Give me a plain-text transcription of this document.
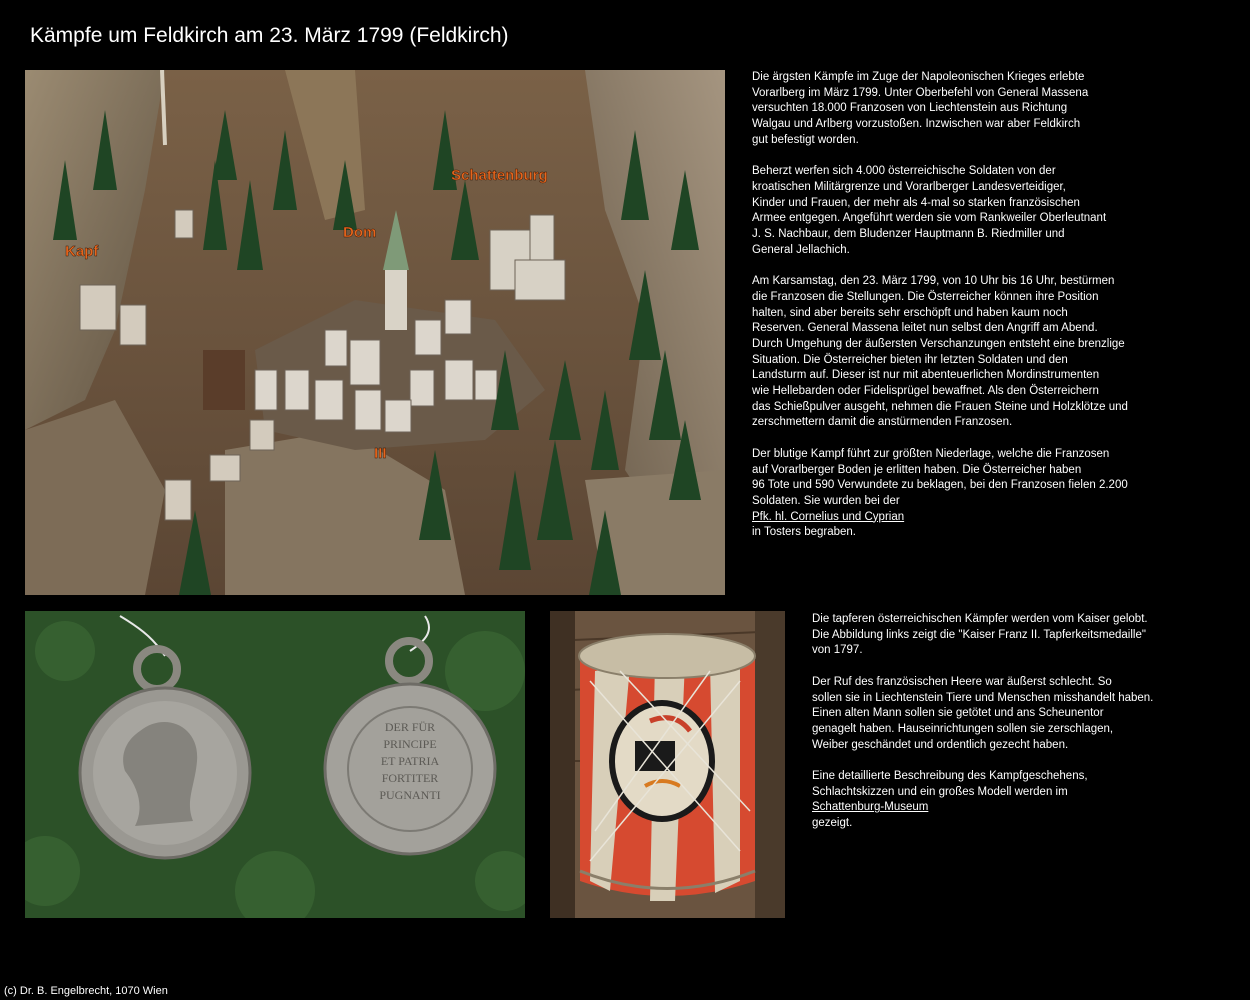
Kämpfe um Feldkirch am 23. März 1799 (Feldkirch)
Schattenburg
Dom
Kapf
III

Die ärgsten Kämpfe im Zuge der Napoleonischen Krieges erlebte
Vorarlberg im März 1799. Unter Oberbefehl von General Massena
versuchten 18.000 Franzosen von Liechtenstein aus Richtung
Walgau und Arlberg vorzustoßen. Inzwischen war aber Feldkirch
gut befestigt worden.

Beherzt werfen sich 4.000 österreichische Soldaten von der
kroatischen Militärgrenze und Vorarlberger Landesverteidiger,
Kinder und Frauen, der mehr als 4-mal so starken französischen
Armee entgegen. Angeführt werden sie vom Rankweiler Oberleutnant
J. S. Nachbaur, dem Bludenzer Hauptmann B. Riedmiller und
General Jellachich.

Am Karsamstag, den 23. März 1799, von 10 Uhr bis 16 Uhr, bestürmen
die Franzosen die Stellungen. Die Österreicher können ihre Position
halten, sind aber bereits sehr erschöpft und haben kaum noch
Reserven. General Massena leitet nun selbst den Angriff am Abend.
Durch Umgehung der äußersten Verschanzungen entsteht eine brenzlige
Situation. Die Österreicher bieten ihr letzten Soldaten und den
Landsturm auf. Dieser ist nur mit abenteuerlichen Mordinstrumenten
wie Hellebarden oder Fidelisprügel bewaffnet. Als den Österreichern
das Schießpulver ausgeht, nehmen die Frauen Steine und Holzklötze und
zerschmettern damit die anstürmenden Franzosen.

Der blutige Kampf führt zur größten Niederlage, welche die Franzosen
auf Vorarlberger Boden je erlitten haben. Die Österreicher haben
96 Tote und 590 Verwundete zu beklagen, bei den Franzosen fielen 2.200
Soldaten. Sie wurden bei der
Pfk. hl. Cornelius und Cyprian
in Tosters begraben.

DER FÜR
PRINCIPE
ET PATRIA
FORTITER
PUGNANTI

Die tapferen österreichischen Kämpfer werden vom Kaiser gelobt.
Die Abbildung links zeigt die "Kaiser Franz II. Tapferkeitsmedaille"
von 1797.

Der Ruf des französischen Heere war äußerst schlecht. So
sollen sie in Liechtenstein Tiere und Menschen misshandelt haben.
Einen alten Mann sollen sie getötet und ans Scheunentor
genagelt haben. Hauseinrichtungen sollen sie zerschlagen,
Weiber geschändet und ordentlich gezecht haben.

Eine detaillierte Beschreibung des Kampfgeschehens,
Schlachtskizzen und ein großes Modell werden im
Schattenburg-Museum
gezeigt.

(c) Dr. B. Engelbrecht, 1070 Wien
